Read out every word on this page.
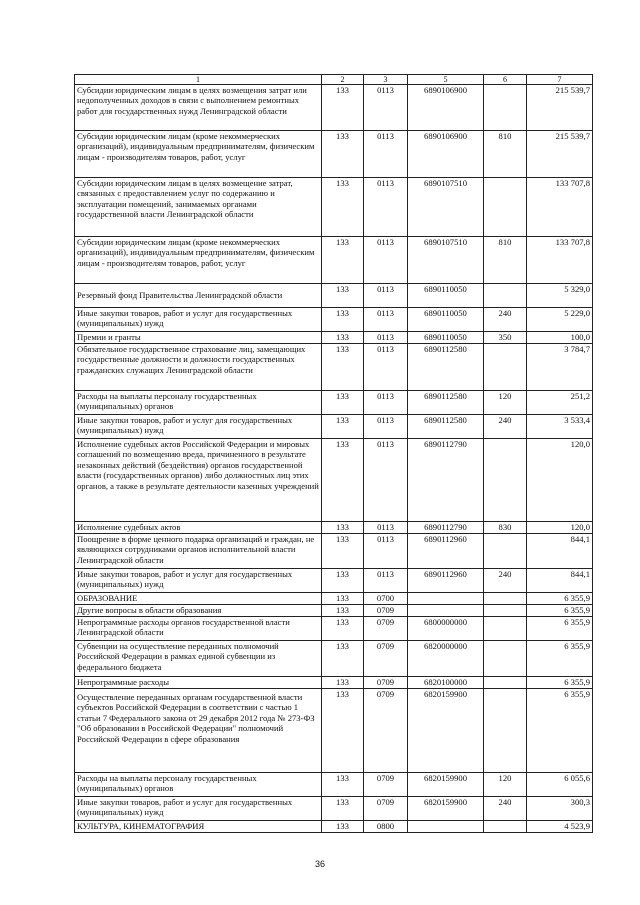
1	2	3	5	6	7
Субсидии юридическим лицам в целях возмещения затрат или недополученных доходов в связи с выполнением ремонтных работ для государственных нужд Ленинградской области	133	0113	6890106900		215 539,7
Субсидии юридическим лицам (кроме некоммерческих организаций), индивидуальным предпринимателям, физическим лицам - производителям товаров, работ, услуг	133	0113	6890106900	810	215 539,7
Субсидии юридическим лицам в целях возмещение затрат, связанных с предоставлением услуг по содержанию и эксплуатации помещений, занимаемых органами государственной власти Ленинградской области	133	0113	6890107510		133 707,8
Субсидии юридическим лицам (кроме некоммерческих организаций), индивидуальным предпринимателям, физическим лицам - производителям товаров, работ, услуг	133	0113	6890107510	810	133 707,8
Резервный фонд Правительства Ленинградской области	133	0113	6890110050		5 329,0
Иные закупки товаров, работ и услуг для государственных (муниципальных) нужд	133	0113	6890110050	240	5 229,0
Премии и гранты	133	0113	6890110050	350	100,0
Обязательное государственное страхование лиц, замещающих государственные должности и должности государственных гражданских служащих Ленинградской области	133	0113	6890112580		3 784,7
Расходы на выплаты персоналу государственных (муниципальных) органов	133	0113	6890112580	120	251,2
Иные закупки товаров, работ и услуг для государственных (муниципальных) нужд	133	0113	6890112580	240	3 533,4
Исполнение судебных актов Российской Федерации и мировых соглашений по возмещению вреда, причиненного в результате незаконных действий (бездействия) органов государственной власти (государственных органов) либо должностных лиц этих органов, а также в результате деятельности казенных учреждений	133	0113	6890112790		120,0
Исполнение судебных актов	133	0113	6890112790	830	120,0
Поощрение в форме ценного подарка организаций и граждан, не являющихся сотрудниками органов исполнительной власти Ленинградской области	133	0113	6890112960		844,1
Иные закупки товаров, работ и услуг для государственных (муниципальных) нужд	133	0113	6890112960	240	844,1
ОБРАЗОВАНИЕ	133	0700			6 355,9
Другие вопросы в области образования	133	0709			6 355,9
Непрограммные расходы органов государственной власти Ленинградской области	133	0709	6800000000		6 355,9
Субвенции на осуществление переданных полномочий Российской Федерации в рамках единой субвенции из федерального бюджета	133	0709	6820000000		6 355,9
Непрограммные расходы	133	0709	6820100000		6 355,9
Осуществление переданных органам государственной власти субъектов Российской Федерации в соответствии с частью 1 статьи 7 Федерального закона от 29 декабря 2012 года № 273-ФЗ "Об образовании в Российской Федерации" полномочий Российской Федерации в сфере образования	133	0709	6820159900		6 355,9
Расходы на выплаты персоналу государственных (муниципальных) органов	133	0709	6820159900	120	6 055,6
Иные закупки товаров, работ и услуг для государственных (муниципальных) нужд	133	0709	6820159900	240	300,3
КУЛЬТУРА, КИНЕМАТОГРАФИЯ	133	0800			4 523,9
36
